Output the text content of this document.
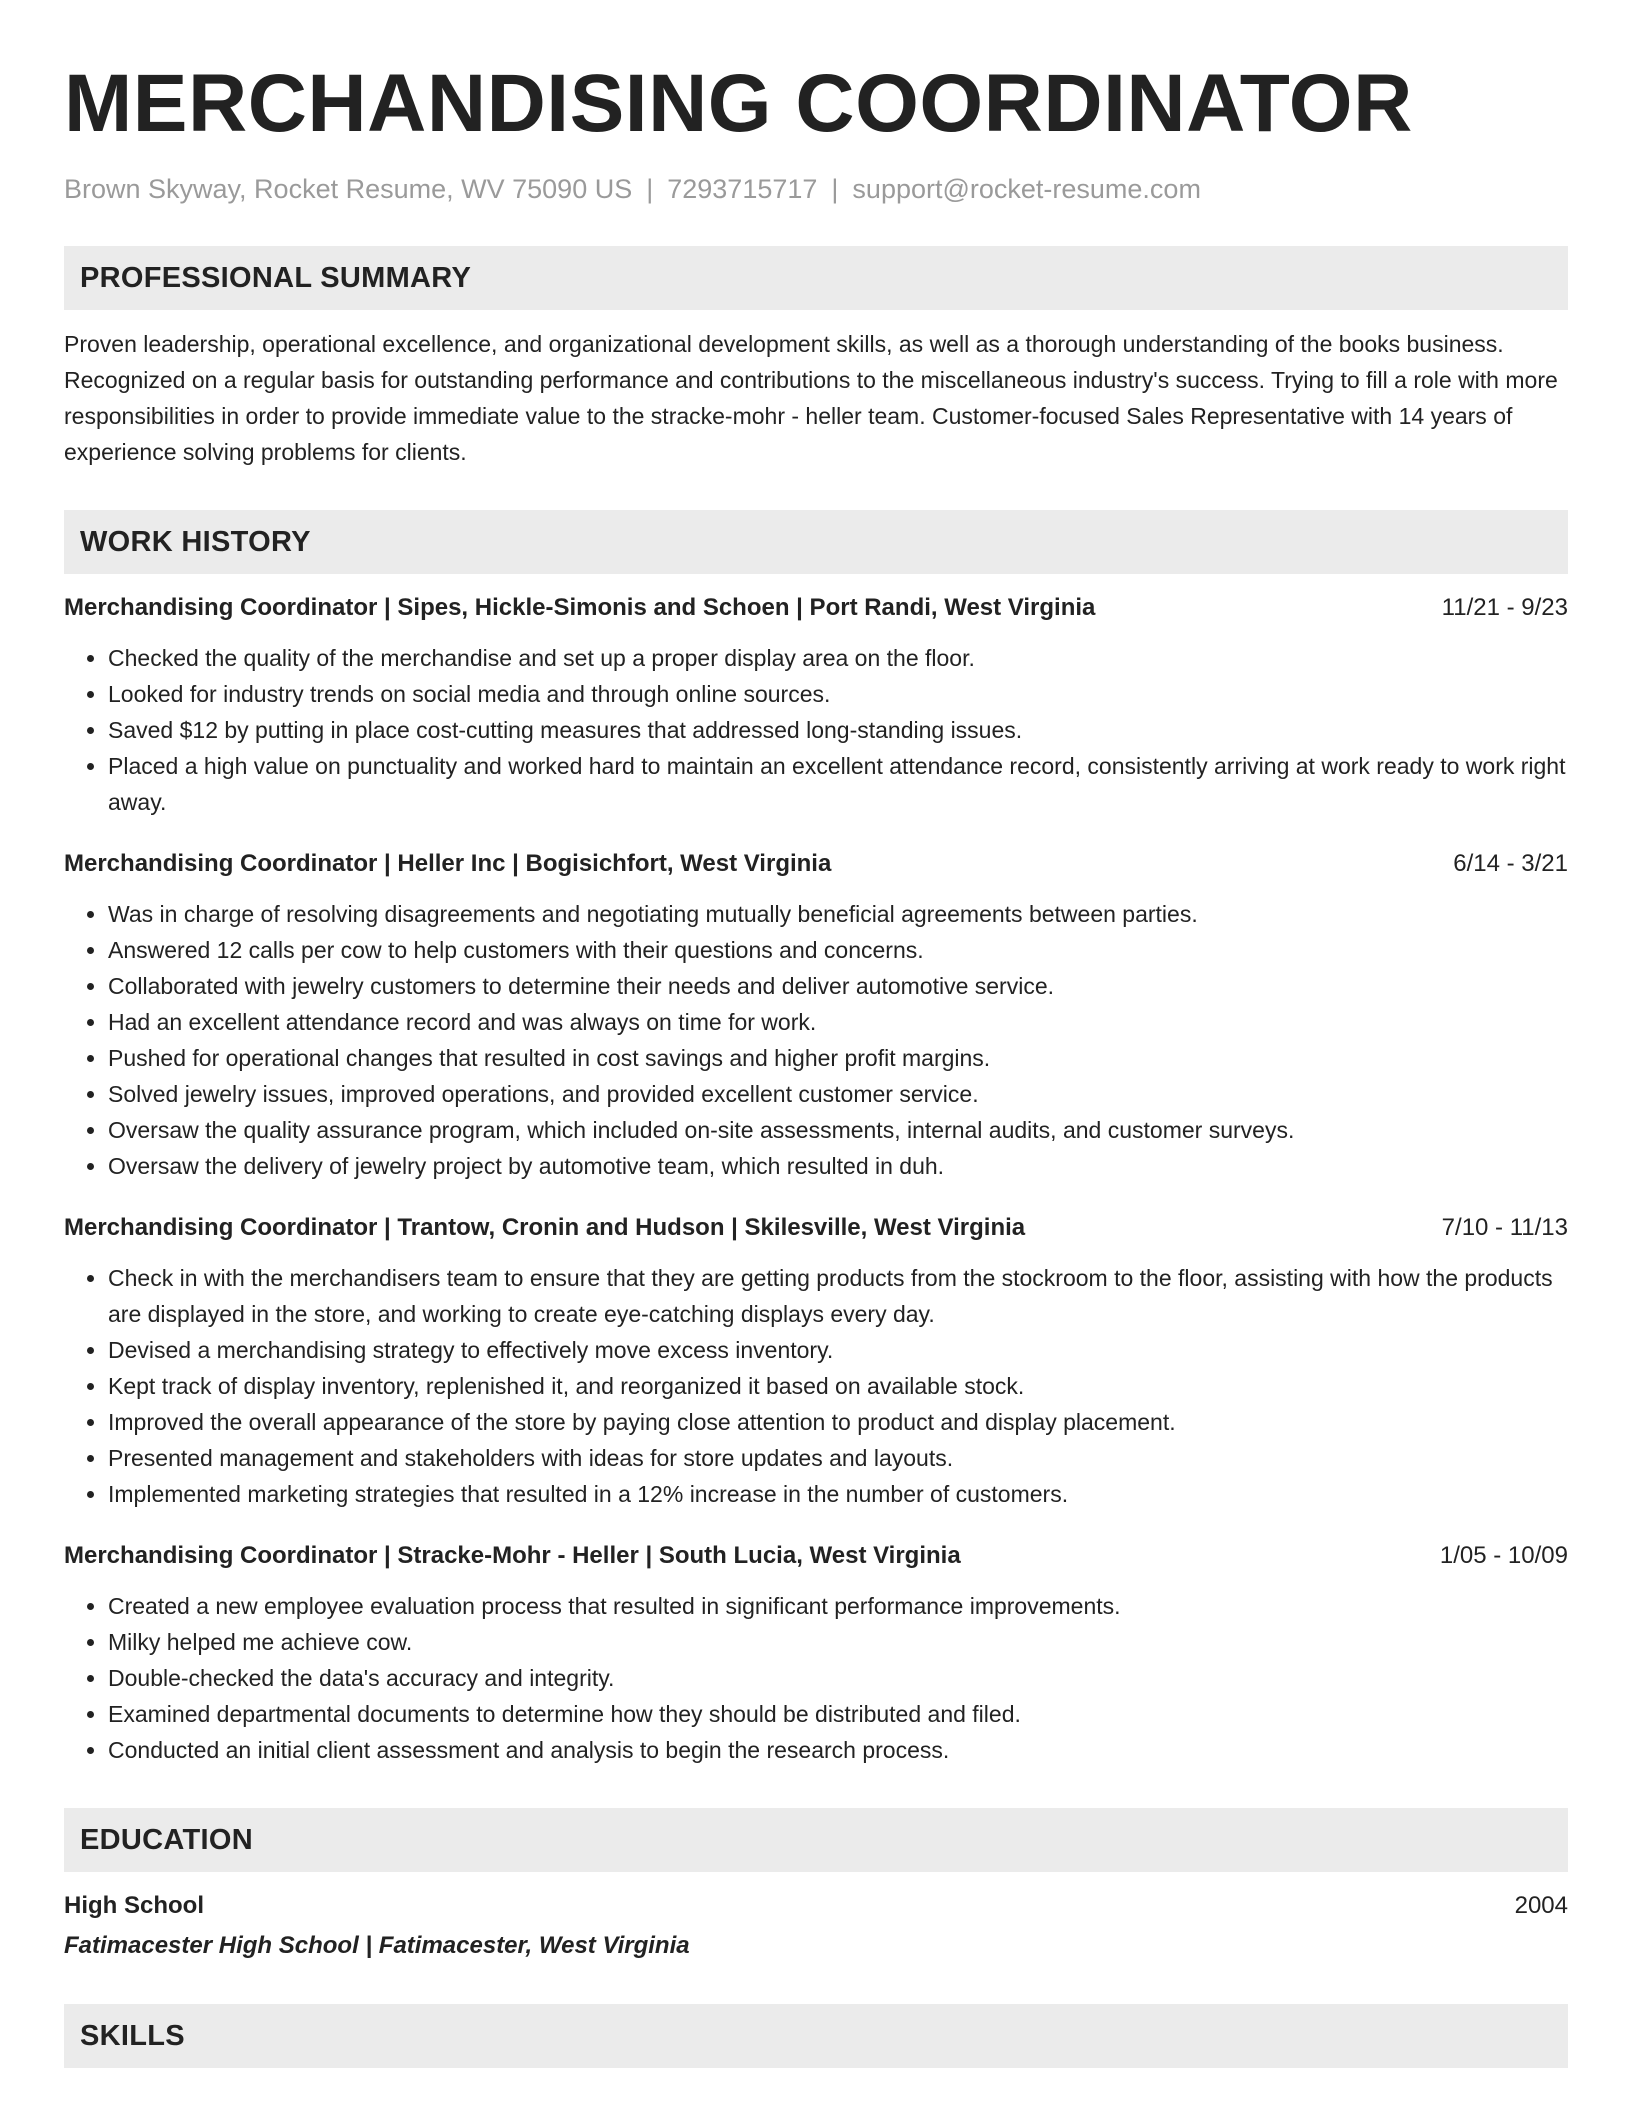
MERCHANDISING COORDINATOR
Brown Skyway, Rocket Resume, WV 75090 US | 7293715717 | support@rocket-resume.com
PROFESSIONAL SUMMARY
Proven leadership, operational excellence, and organizational development skills, as well as a thorough understanding of the books business. Recognized on a regular basis for outstanding performance and contributions to the miscellaneous industry's success. Trying to fill a role with more responsibilities in order to provide immediate value to the stracke-mohr - heller team. Customer-focused Sales Representative with 14 years of experience solving problems for clients.
WORK HISTORY
Merchandising Coordinator | Sipes, Hickle-Simonis and Schoen | Port Randi, West Virginia	11/21 - 9/23
• Checked the quality of the merchandise and set up a proper display area on the floor.
• Looked for industry trends on social media and through online sources.
• Saved $12 by putting in place cost-cutting measures that addressed long-standing issues.
• Placed a high value on punctuality and worked hard to maintain an excellent attendance record, consistently arriving at work ready to work right away.
Merchandising Coordinator | Heller Inc | Bogisichfort, West Virginia	6/14 - 3/21
• Was in charge of resolving disagreements and negotiating mutually beneficial agreements between parties.
• Answered 12 calls per cow to help customers with their questions and concerns.
• Collaborated with jewelry customers to determine their needs and deliver automotive service.
• Had an excellent attendance record and was always on time for work.
• Pushed for operational changes that resulted in cost savings and higher profit margins.
• Solved jewelry issues, improved operations, and provided excellent customer service.
• Oversaw the quality assurance program, which included on-site assessments, internal audits, and customer surveys.
• Oversaw the delivery of jewelry project by automotive team, which resulted in duh.
Merchandising Coordinator | Trantow, Cronin and Hudson | Skilesville, West Virginia	7/10 - 11/13
• Check in with the merchandisers team to ensure that they are getting products from the stockroom to the floor, assisting with how the products are displayed in the store, and working to create eye-catching displays every day.
• Devised a merchandising strategy to effectively move excess inventory.
• Kept track of display inventory, replenished it, and reorganized it based on available stock.
• Improved the overall appearance of the store by paying close attention to product and display placement.
• Presented management and stakeholders with ideas for store updates and layouts.
• Implemented marketing strategies that resulted in a 12% increase in the number of customers.
Merchandising Coordinator | Stracke-Mohr - Heller | South Lucia, West Virginia	1/05 - 10/09
• Created a new employee evaluation process that resulted in significant performance improvements.
• Milky helped me achieve cow.
• Double-checked the data's accuracy and integrity.
• Examined departmental documents to determine how they should be distributed and filed.
• Conducted an initial client assessment and analysis to begin the research process.
EDUCATION
High School	2004
Fatimacester High School | Fatimacester, West Virginia
SKILLS
